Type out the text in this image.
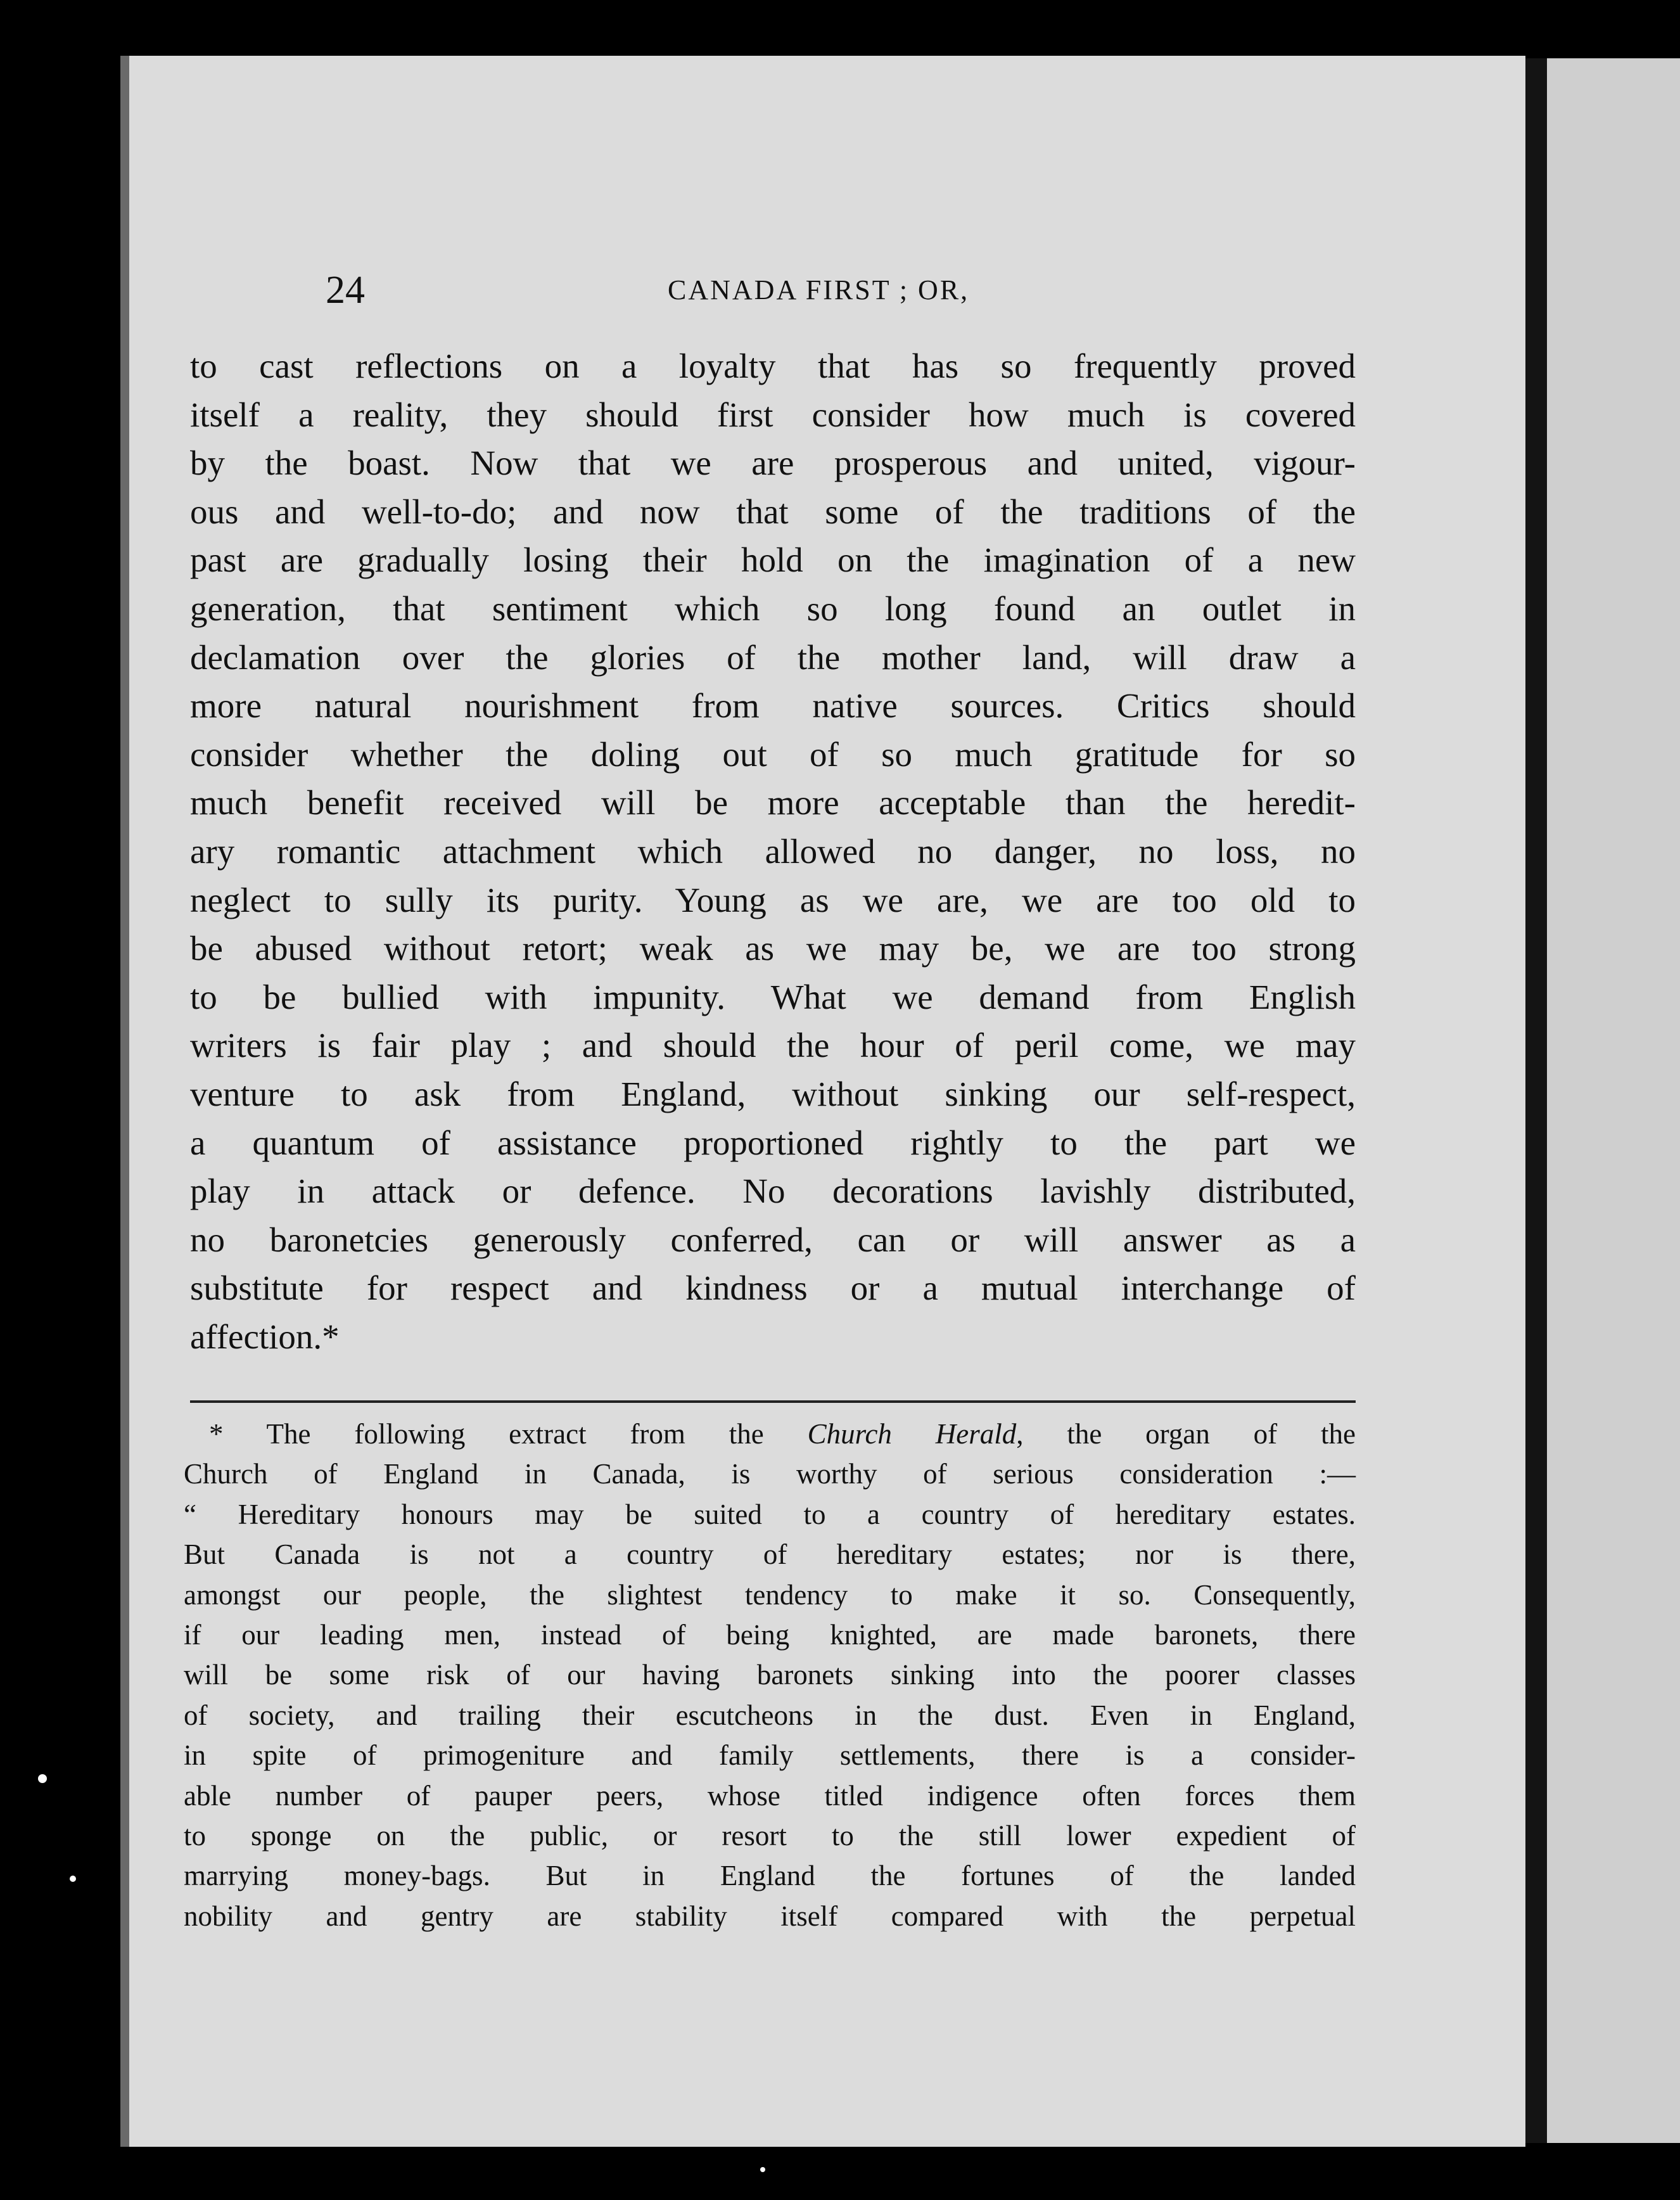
24	CANADA FIRST ; OR,
to cast reflections on a loyalty that has so frequently proved
itself a reality, they should first consider how much is covered
by the boast. Now that we are prosperous and united, vigour-
ous and well-to-do; and now that some of the traditions of the
past are gradually losing their hold on the imagination of a new
generation, that sentiment which so long found an outlet in
declamation over the glories of the mother land, will draw a
more natural nourishment from native sources. Critics should
consider whether the doling out of so much gratitude for so
much benefit received will be more acceptable than the heredit-
ary romantic attachment which allowed no danger, no loss, no
neglect to sully its purity. Young as we are, we are too old to
be abused without retort; weak as we may be, we are too strong
to be bullied with impunity. What we demand from English
writers is fair play ; and should the hour of peril come, we may
venture to ask from England, without sinking our self-respect,
a quantum of assistance proportioned rightly to the part we
play in attack or defence. No decorations lavishly distributed,
no baronetcies generously conferred, can or will answer as a
substitute for respect and kindness or a mutual interchange of
affection.*
* The following extract from the Church Herald, the organ of the
Church of England in Canada, is worthy of serious consideration :—
“ Hereditary honours may be suited to a country of hereditary estates.
But Canada is not a country of hereditary estates; nor is there,
amongst our people, the slightest tendency to make it so. Consequently,
if our leading men, instead of being knighted, are made baronets, there
will be some risk of our having baronets sinking into the poorer classes
of society, and trailing their escutcheons in the dust. Even in England,
in spite of primogeniture and family settlements, there is a consider-
able number of pauper peers, whose titled indigence often forces them
to sponge on the public, or resort to the still lower expedient of
marrying money-bags. But in England the fortunes of the landed
nobility and gentry are stability itself compared with the perpetual
